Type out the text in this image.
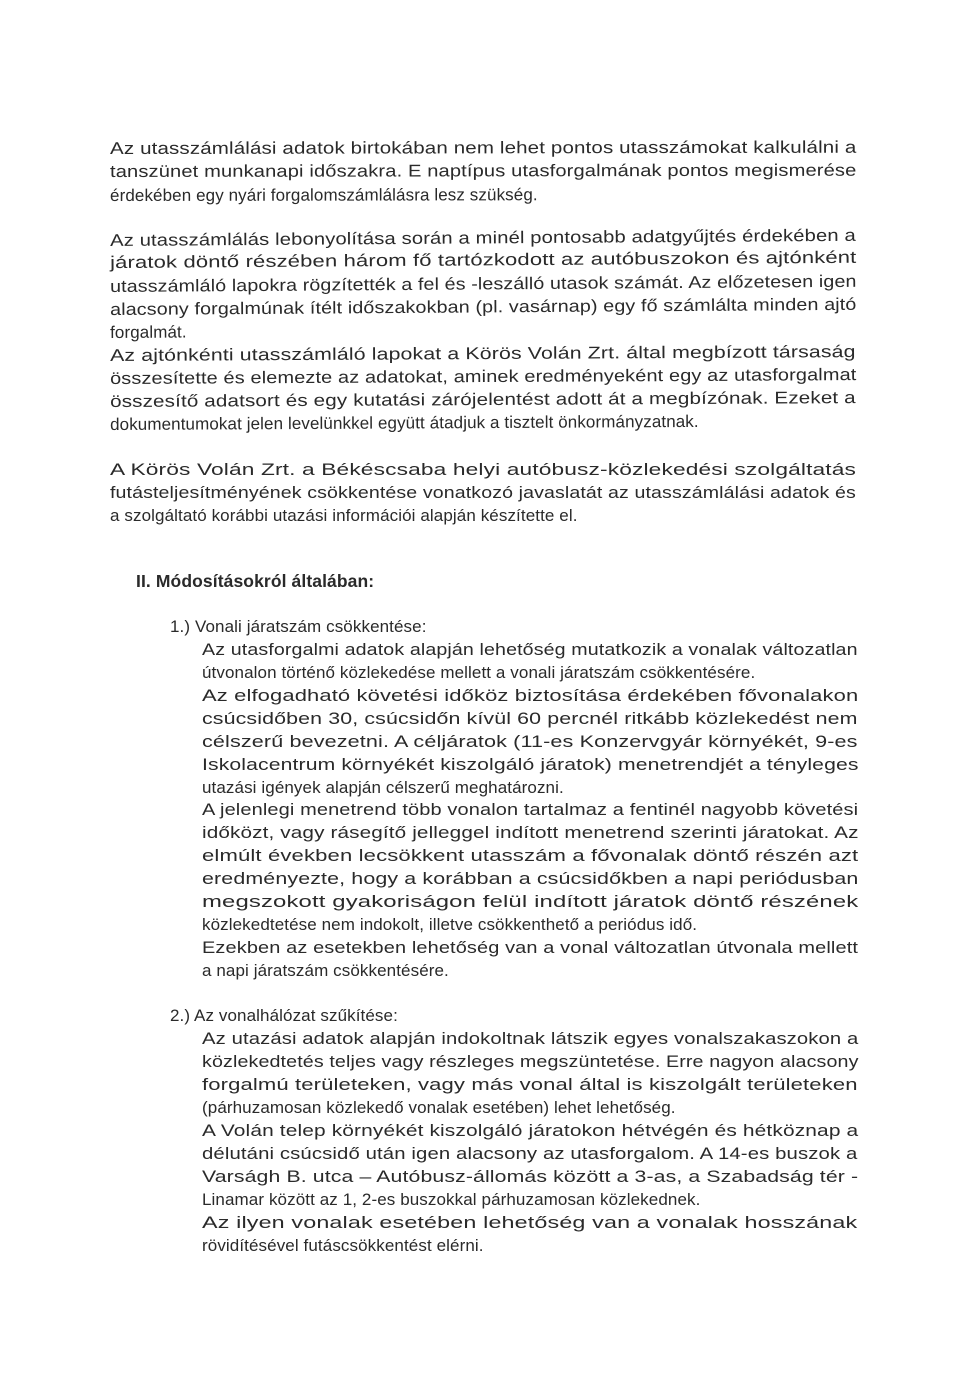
Az utasszámlálási adatok birtokában nem lehet pontos utasszámokat kalkulálni a
tanszünet munkanapi időszakra. E naptípus utasforgalmának pontos megismerése
érdekében egy nyári forgalomszámlálásra lesz szükség.
Az utasszámlálás lebonyolítása során a minél pontosabb adatgyűjtés érdekében a
járatok döntő részében három fő tartózkodott az autóbuszokon és ajtónként
utasszámláló lapokra rögzítették a fel és -leszálló utasok számát. Az előzetesen igen
alacsony forgalmúnak ítélt időszakokban (pl. vasárnap) egy fő számlálta minden ajtó
forgalmát.
Az ajtónkénti utasszámláló lapokat a Körös Volán Zrt. által megbízott társaság
összesítette és elemezte az adatokat, aminek eredményeként egy az utasforgalmat
összesítő adatsort és egy kutatási zárójelentést adott át a megbízónak. Ezeket a
dokumentumokat jelen levelünkkel együtt átadjuk a tisztelt önkormányzatnak.
A Körös Volán Zrt. a Békéscsaba helyi autóbusz-közlekedési szolgáltatás
futásteljesítményének csökkentése vonatkozó javaslatát az utasszámlálási adatok és
a szolgáltató korábbi utazási információi alapján készítette el.
II. Módosításokról általában:
1.) Vonali járatszám csökkentése:
Az utasforgalmi adatok alapján lehetőség mutatkozik a vonalak változatlan
útvonalon történő közlekedése mellett a vonali járatszám csökkentésére.
Az elfogadható követési időköz biztosítása érdekében fővonalakon
csúcsidőben 30, csúcsidőn kívül 60 percnél ritkább közlekedést nem
célszerű bevezetni. A céljáratok (11-es Konzervgyár környékét, 9-es
Iskolacentrum környékét kiszolgáló járatok) menetrendjét a tényleges
utazási igények alapján célszerű meghatározni.
A jelenlegi menetrend több vonalon tartalmaz a fentinél nagyobb követési
időközt, vagy rásegítő jelleggel indított menetrend szerinti járatokat. Az
elmúlt években lecsökkent utasszám a fővonalak döntő részén azt
eredményezte, hogy a korábban a csúcsidőkben a napi periódusban
megszokott gyakoriságon felül indított járatok döntő részének
közlekedtetése nem indokolt, illetve csökkenthető a periódus idő.
Ezekben az esetekben lehetőség van a vonal változatlan útvonala mellett
a napi járatszám csökkentésére.
2.) Az vonalhálózat szűkítése:
Az utazási adatok alapján indokoltnak látszik egyes vonalszakaszokon a
közlekedtetés teljes vagy részleges megszüntetése. Erre nagyon alacsony
forgalmú területeken, vagy más vonal által is kiszolgált területeken
(párhuzamosan közlekedő vonalak esetében) lehet lehetőség.
A Volán telep környékét kiszolgáló járatokon hétvégén és hétköznap a
délutáni csúcsidő után igen alacsony az utasforgalom. A 14-es buszok a
Varságh B. utca – Autóbusz-állomás között a 3-as, a Szabadság tér -
Linamar között az 1, 2-es buszokkal párhuzamosan közlekednek.
Az ilyen vonalak esetében lehetőség van a vonalak hosszának
rövidítésével futáscsökkentést elérni.
